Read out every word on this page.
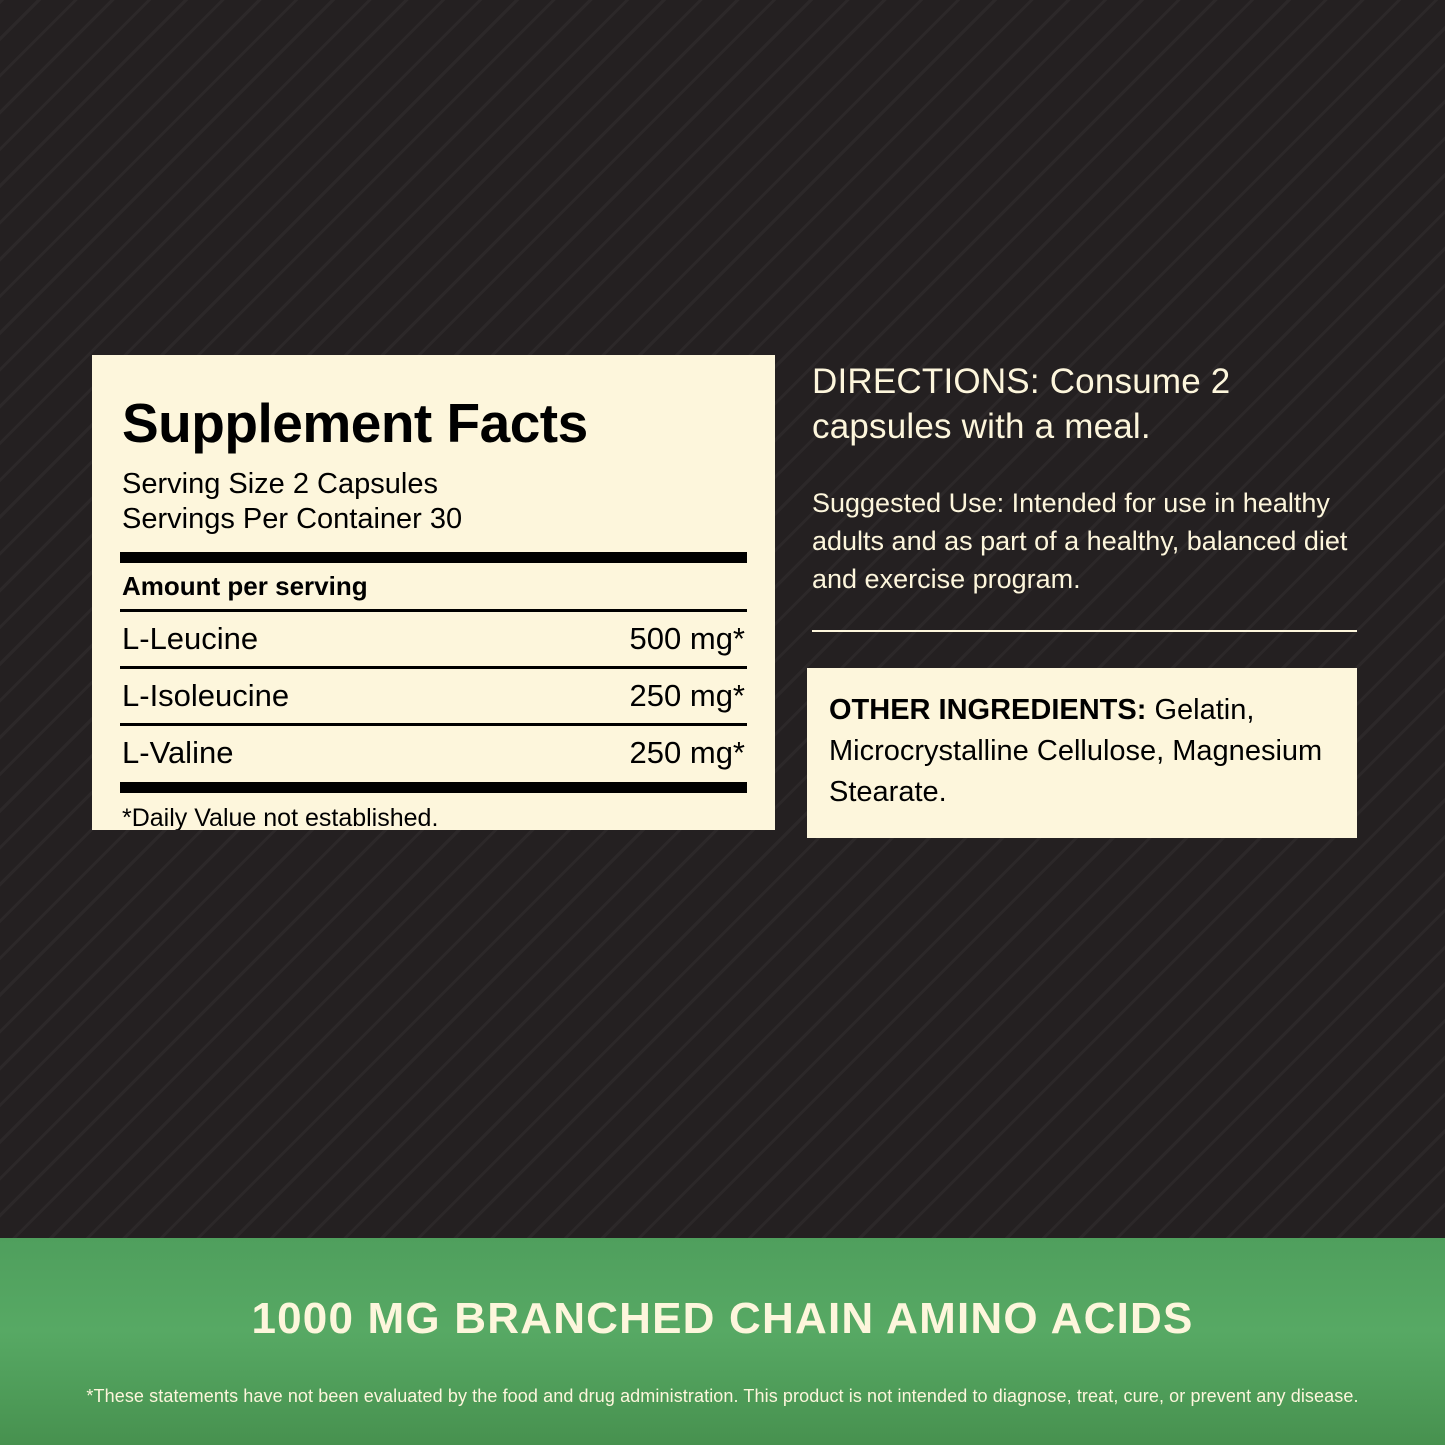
Supplement Facts
Serving Size 2 Capsules
Servings Per Container 30
Amount per serving
L-Leucine	500 mg*
L-Isoleucine	250 mg*
L-Valine	250 mg*
*Daily Value not established.
DIRECTIONS: Consume 2 capsules with a meal.
Suggested Use: Intended for use in healthy adults and as part of a healthy, balanced diet and exercise program.
OTHER INGREDIENTS: Gelatin, Microcrystalline Cellulose, Magnesium Stearate.
1000 MG BRANCHED CHAIN AMINO ACIDS
*These statements have not been evaluated by the food and drug administration. This product is not intended to diagnose, treat, cure, or prevent any disease.
